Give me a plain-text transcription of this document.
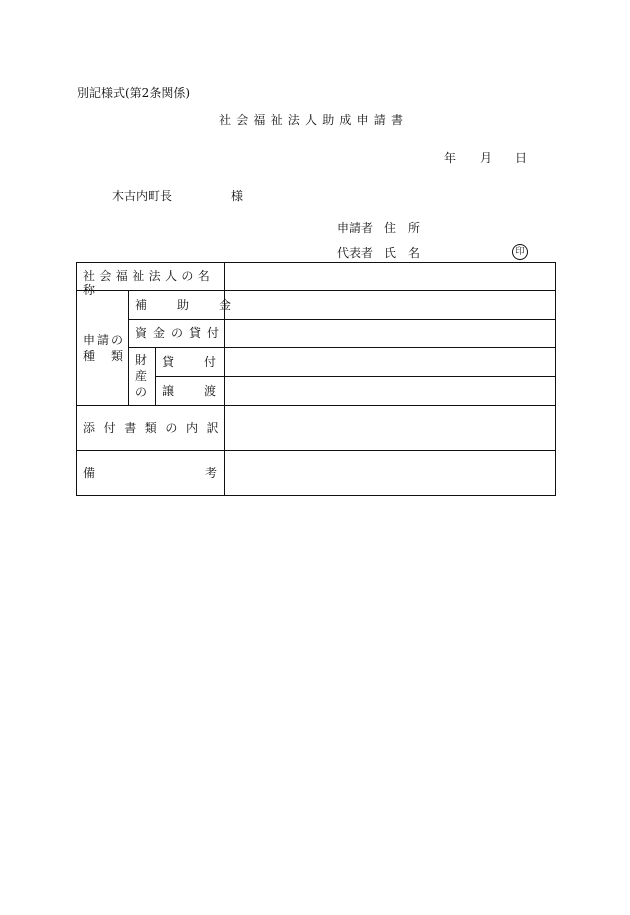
別記様式(第2条関係)
社会福祉法人助成申請書
年 月 日
木古内町長	様
申請者 住 所
代表者 氏 名	印
社会福祉法人の名称
申請の
種　類
補助金
資金の貸付
財
産
の
貸付
譲渡
添付書類の内訳
備考
